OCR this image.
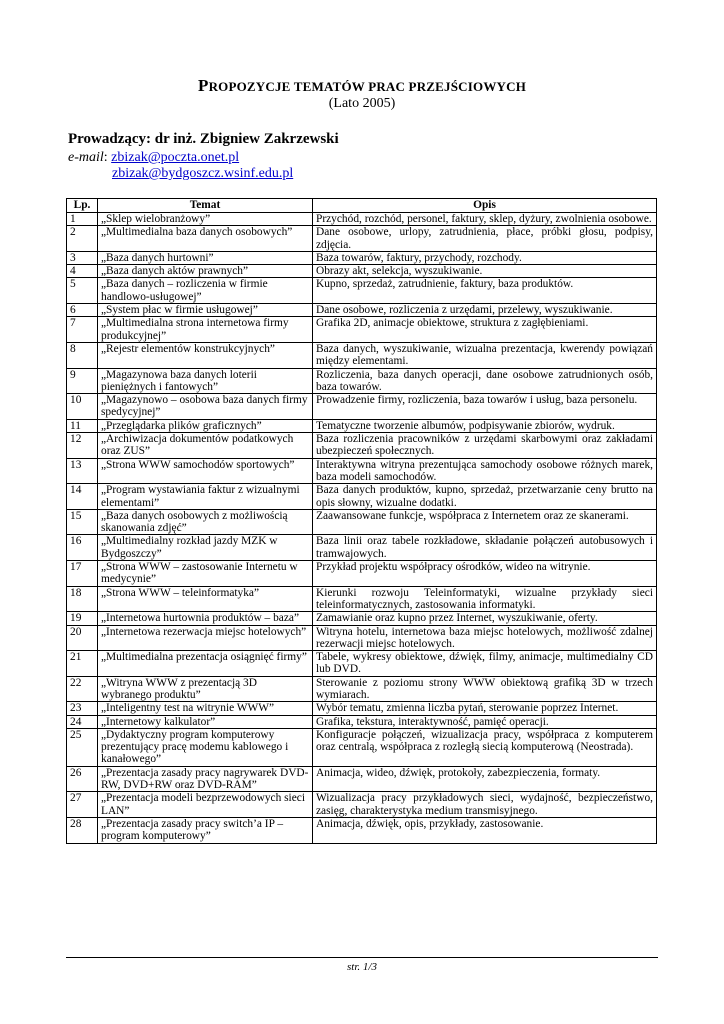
PROPOZYCJE TEMATÓW PRAC PRZEJŚCIOWYCH
(Lato 2005)
Prowadzący: dr inż. Zbigniew Zakrzewski
e-mail: zbizak@poczta.onet.pl
zbizak@bydgoszcz.wsinf.edu.pl
Lp.	Temat	Opis
1	„Sklep wielobranżowy”	Przychód, rozchód, personel, faktury, sklep, dyżury, zwolnienia osobowe.
2	„Multimedialna baza danych osobowych”	Dane osobowe, urlopy, zatrudnienia, płace, próbki głosu, podpisy, zdjęcia.
3	„Baza danych hurtowni”	Baza towarów, faktury, przychody, rozchody.
4	„Baza danych aktów prawnych”	Obrazy akt, selekcja, wyszukiwanie.
5	„Baza danych – rozliczenia w firmie handlowo-usługowej”	Kupno, sprzedaż, zatrudnienie, faktury, baza produktów.
6	„System płac w firmie usługowej”	Dane osobowe, rozliczenia z urzędami, przelewy, wyszukiwanie.
7	„Multimedialna strona internetowa firmy produkcyjnej”	Grafika 2D, animacje obiektowe, struktura z zagłębieniami.
8	„Rejestr elementów konstrukcyjnych”	Baza danych, wyszukiwanie, wizualna prezentacja, kwerendy powiązań między elementami.
9	„Magazynowa baza danych loterii pieniężnych i fantowych”	Rozliczenia, baza danych operacji, dane osobowe zatrudnionych osób, baza towarów.
10	„Magazynowo – osobowa baza danych firmy spedycyjnej”	Prowadzenie firmy, rozliczenia, baza towarów i usług, baza personelu.
11	„Przeglądarka plików graficznych”	Tematyczne tworzenie albumów, podpisywanie zbiorów, wydruk.
12	„Archiwizacja dokumentów podatkowych oraz ZUS”	Baza rozliczenia pracowników z urzędami skarbowymi oraz zakładami ubezpieczeń społecznych.
13	„Strona WWW samochodów sportowych”	Interaktywna witryna prezentująca samochody osobowe różnych marek, baza modeli samochodów.
14	„Program wystawiania faktur z wizualnymi elementami”	Baza danych produktów, kupno, sprzedaż, przetwarzanie ceny brutto na opis słowny, wizualne dodatki.
15	„Baza danych osobowych z możliwością skanowania zdjęć”	Zaawansowane funkcje, współpraca z Internetem oraz ze skanerami.
16	„Multimedialny rozkład jazdy MZK w Bydgoszczy”	Baza linii oraz tabele rozkładowe, składanie połączeń autobusowych i tramwajowych.
17	„Strona WWW – zastosowanie Internetu w medycynie”	Przykład projektu współpracy ośrodków, wideo na witrynie.
18	„Strona WWW – teleinformatyka”	Kierunki rozwoju Teleinformatyki, wizualne przykłady sieci teleinformatycznych, zastosowania informatyki.
19	„Internetowa hurtownia produktów – baza”	Zamawianie oraz kupno przez Internet, wyszukiwanie, oferty.
20	„Internetowa rezerwacja miejsc hotelowych”	Witryna hotelu, internetowa baza miejsc hotelowych, możliwość zdalnej rezerwacji miejsc hotelowych.
21	„Multimedialna prezentacja osiągnięć firmy”	Tabele, wykresy obiektowe, dźwięk, filmy, animacje, multimedialny CD lub DVD.
22	„Witryna WWW z prezentacją 3D wybranego produktu”	Sterowanie z poziomu strony WWW obiektową grafiką 3D w trzech wymiarach.
23	„Inteligentny test na witrynie WWW”	Wybór tematu, zmienna liczba pytań, sterowanie poprzez Internet.
24	„Internetowy kalkulator”	Grafika, tekstura, interaktywność, pamięć operacji.
25	„Dydaktyczny program komputerowy prezentujący pracę modemu kablowego i kanałowego”	Konfiguracje połączeń, wizualizacja pracy, współpraca z komputerem oraz centralą, współpraca z rozległą siecią komputerową (Neostrada).
26	„Prezentacja zasady pracy nagrywarek DVD-RW, DVD+RW oraz DVD-RAM”	Animacja, wideo, dźwięk, protokoły, zabezpieczenia, formaty.
27	„Prezentacja modeli bezprzewodowych sieci LAN”	Wizualizacja pracy przykładowych sieci, wydajność, bezpieczeństwo, zasięg, charakterystyka medium transmisyjnego.
28	„Prezentacja zasady pracy switch’a IP – program komputerowy”	Animacja, dźwięk, opis, przykłady, zastosowanie.
str. 1/3
